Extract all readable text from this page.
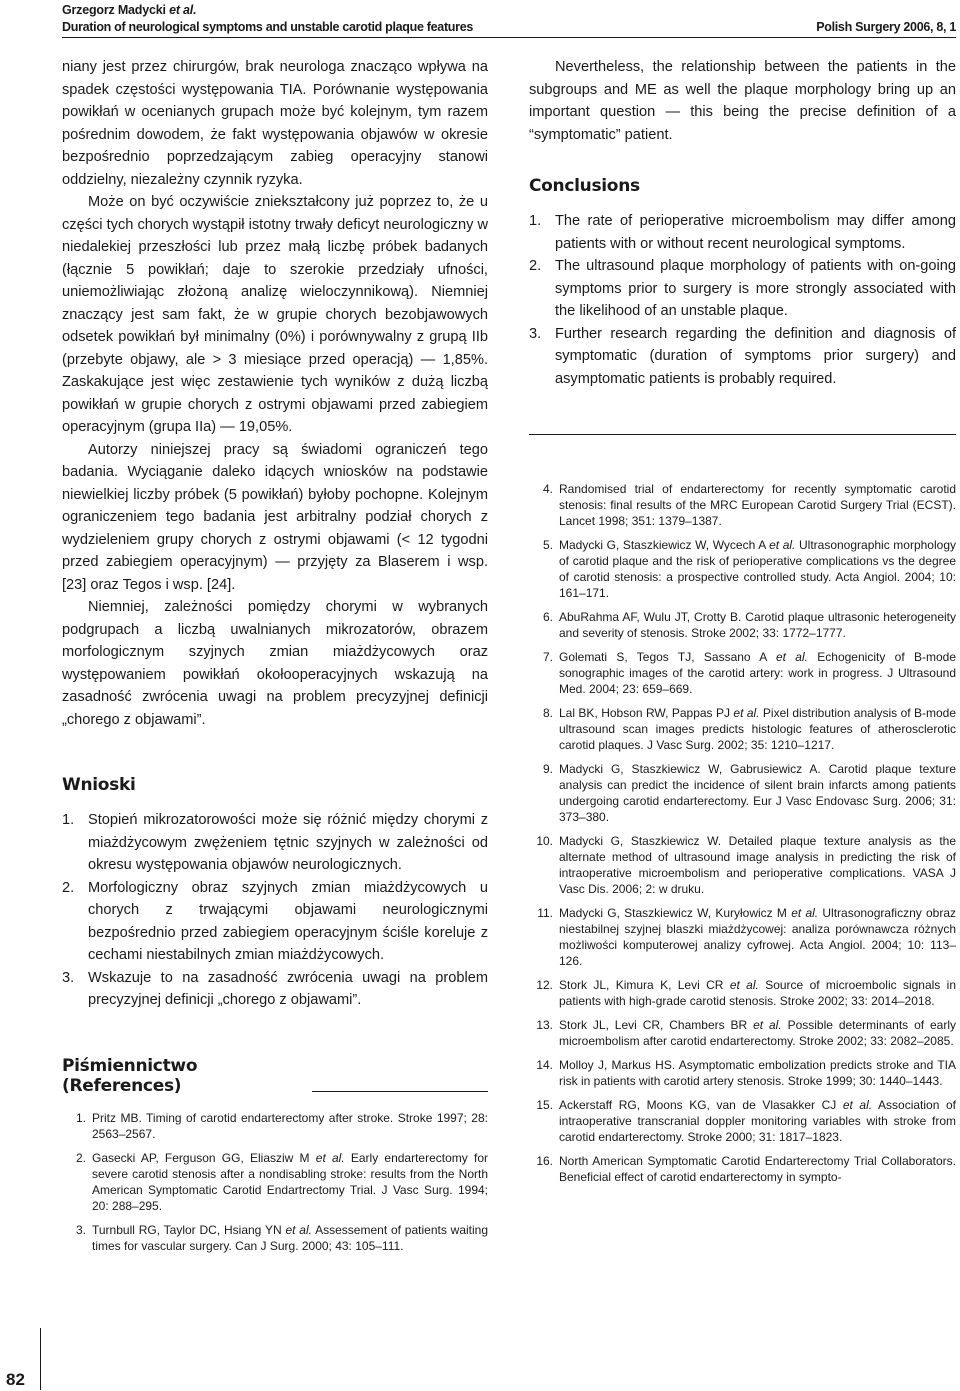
Grzegorz Madycki et al.
Duration of neurological symptoms and unstable carotid plaque features	Polish Surgery 2006, 8, 1
82

niany jest przez chirurgów, brak neurologa znacząco wpływa na spadek częstości występowania TIA. Porównanie występowania powikłań w ocenianych grupach może być kolejnym, tym razem pośrednim dowodem, że fakt występowania objawów w okresie bezpośrednio poprzedzającym zabieg operacyjny stanowi oddzielny, niezależny czynnik ryzyka.

Może on być oczywiście zniekształcony już poprzez to, że u części tych chorych wystąpił istotny trwały deficyt neurologiczny w niedalekiej przeszłości lub przez małą liczbę próbek badanych (łącznie 5 powikłań; daje to szerokie przedziały ufności, uniemożliwiając złożoną analizę wieloczynnikową). Niemniej znaczący jest sam fakt, że w grupie chorych bezobjawowych odsetek powikłań był minimalny (0%) i porównywalny z grupą IIb (przebyte objawy, ale > 3 miesiące przed operacją) — 1,85%. Zaskakujące jest więc zestawienie tych wyników z dużą liczbą powikłań w grupie chorych z ostrymi objawami przed zabiegiem operacyjnym (grupa IIa) — 19,05%.

Autorzy niniejszej pracy są świadomi ograniczeń tego badania. Wyciąganie daleko idących wniosków na podstawie niewielkiej liczby próbek (5 powikłań) byłoby pochopne. Kolejnym ograniczeniem tego badania jest arbitralny podział chorych z wydzieleniem grupy chorych z ostrymi objawami (< 12 tygodni przed zabiegiem operacyjnym) — przyjęty za Blaserem i wsp. [23] oraz Tegos i wsp. [24].

Niemniej, zależności pomiędzy chorymi w wybranych podgrupach a liczbą uwalnianych mikrozatorów, obrazem morfologicznym szyjnych zmian miażdżycowych oraz występowaniem powikłań okołooperacyjnych wskazują na zasadność zwrócenia uwagi na problem precyzyjnej definicji „chorego z objawami”.

Wnioski
1. Stopień mikrozatorowości może się różnić między chorymi z miażdżycowym zwężeniem tętnic szyjnych w zależności od okresu występowania objawów neurologicznych.
2. Morfologiczny obraz szyjnych zmian miażdżycowych u chorych z trwającymi objawami neurologicznymi bezpośrednio przed zabiegiem operacyjnym ściśle koreluje z cechami niestabilnych zmian miażdżycowych.
3. Wskazuje to na zasadność zwrócenia uwagi na problem precyzyjnej definicji „chorego z objawami”.
Piśmiennictwo (References)
1. Pritz MB. Timing of carotid endarterectomy after stroke. Stroke 1997; 28: 2563–2567.
2. Gasecki AP, Ferguson GG, Eliasziw M et al. Early endarterectomy for severe carotid stenosis after a nondisabling stroke: results from the North American Symptomatic Carotid Endartrectomy Trial. J Vasc Surg. 1994; 20: 288–295.
3. Turnbull RG, Taylor DC, Hsiang YN et al. Assessement of patients waiting times for vascular surgery. Can J Surg. 2000; 43: 105–111.

Nevertheless, the relationship between the patients in the subgroups and ME as well the plaque morphology bring up an important question — this being the precise definition of a “symptomatic” patient.

Conclusions
1. The rate of perioperative microembolism may differ among patients with or without recent neurological symptoms.
2. The ultrasound plaque morphology of patients with on-going symptoms prior to surgery is more strongly associated with the likelihood of an unstable plaque.
3. Further research regarding the definition and diagnosis of symptomatic (duration of symptoms prior surgery) and asymptomatic patients is probably required.
4. Randomised trial of endarterectomy for recently symptomatic carotid stenosis: final results of the MRC European Carotid Surgery Trial (ECST). Lancet 1998; 351: 1379–1387.
5. Madycki G, Staszkiewicz W, Wycech A et al. Ultrasonographic morphology of carotid plaque and the risk of perioperative complications vs the degree of carotid stenosis: a prospective controlled study. Acta Angiol. 2004; 10: 161–171.
6. AbuRahma AF, Wulu JT, Crotty B. Carotid plaque ultrasonic heterogeneity and severity of stenosis. Stroke 2002; 33: 1772–1777.
7. Golemati S, Tegos TJ, Sassano A et al. Echogenicity of B-mode sonographic images of the carotid artery: work in progress. J Ultrasound Med. 2004; 23: 659–669.
8. Lal BK, Hobson RW, Pappas PJ et al. Pixel distribution analysis of B-mode ultrasound scan images predicts histologic features of atherosclerotic carotid plaques. J Vasc Surg. 2002; 35: 1210–1217.
9. Madycki G, Staszkiewicz W, Gabrusiewicz A. Carotid plaque texture analysis can predict the incidence of silent brain infarcts among patients undergoing carotid endarterectomy. Eur J Vasc Endovasc Surg. 2006; 31: 373–380.
10. Madycki G, Staszkiewicz W. Detailed plaque texture analysis as the alternate method of ultrasound image analysis in predicting the risk of intraoperative microembolism and perioperative complications. VASA J Vasc Dis. 2006; 2: w druku.
11. Madycki G, Staszkiewicz W, Kuryłowicz M et al. Ultrasonograficzny obraz niestabilnej szyjnej blaszki miażdżycowej: analiza porównawcza różnych możliwości komputerowej analizy cyfrowej. Acta Angiol. 2004; 10: 113–126.
12. Stork JL, Kimura K, Levi CR et al. Source of microembolic signals in patients with high-grade carotid stenosis. Stroke 2002; 33: 2014–2018.
13. Stork JL, Levi CR, Chambers BR et al. Possible determinants of early microembolism after carotid endarterectomy. Stroke 2002; 33: 2082–2085.
14. Molloy J, Markus HS. Asymptomatic embolization predicts stroke and TIA risk in patients with carotid artery stenosis. Stroke 1999; 30: 1440–1443.
15. Ackerstaff RG, Moons KG, van de Vlasakker CJ et al. Association of intraoperative transcranial doppler monitoring variables with stroke from carotid endarterectomy. Stroke 2000; 31: 1817–1823.
16. North American Symptomatic Carotid Endarterectomy Trial Collaborators. Beneficial effect of carotid endarterectomy in sympto-
